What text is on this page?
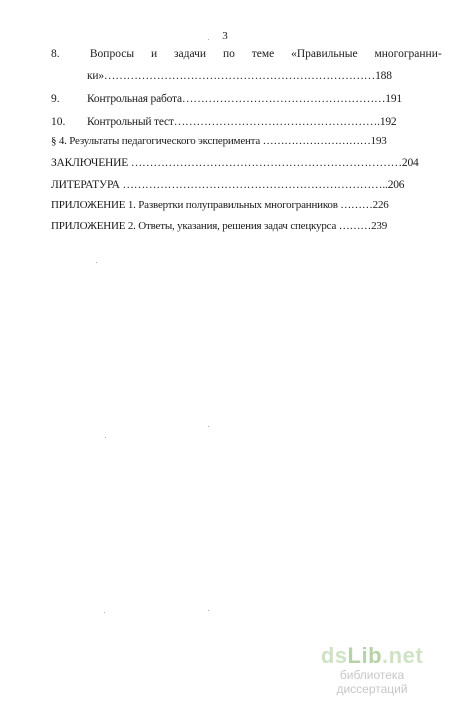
3
8.	Вопросы и задачи по теме «Правильные многогранни-
ки»………………………………………………………………188
9. Контрольная работа………………………………………………191
10. Контрольный тест……………………………………………….192
§ 4. Результаты педагогического эксперимента …………………………193
ЗАКЛЮЧЕНИЕ ………………………………………………………………204
ЛИТЕРАТУРА ……………………………………………………………..206
ПРИЛОЖЕНИЕ 1. Развертки полуправильных многогранников ………226
ПРИЛОЖЕНИЕ 2. Ответы, указания, решения задач спецкурса ………239
dsLib.net
библиотека диссертаций
